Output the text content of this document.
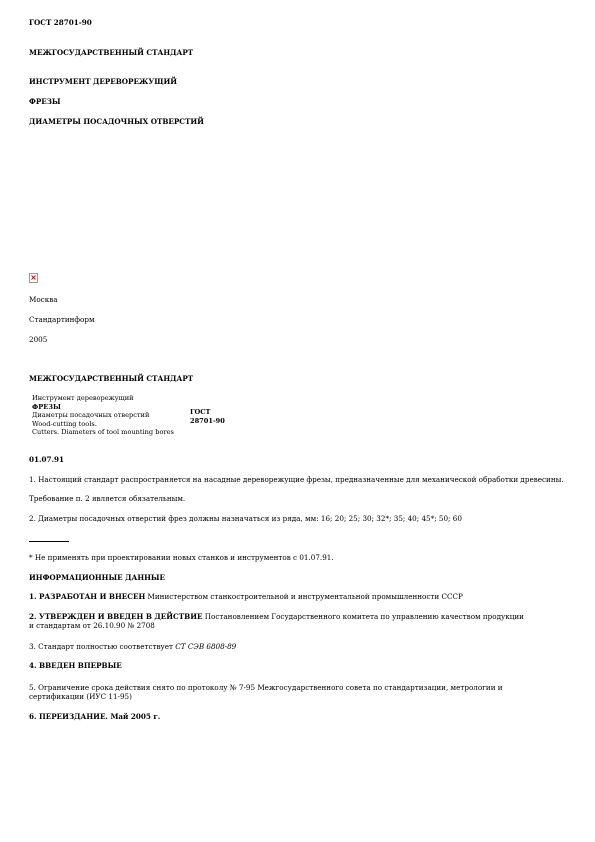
ГОСТ 28701-90
МЕЖГОСУДАРСТВЕННЫЙ СТАНДАРТ
ИНСТРУМЕНТ ДЕРЕВОРЕЖУЩИЙ
ФРЕЗЫ
ДИАМЕТРЫ ПОСАДОЧНЫХ ОТВЕРСТИЙ
Москва
Стандартинформ
2005
МЕЖГОСУДАРСТВЕННЫЙ СТАНДАРТ
Инструмент дереворежущий
ФРЕЗЫ
Диаметры посадочных отверстий
Wood-cutting tools.
Cutters. Diameters of tool mounting bores
ГОСТ
28701-90
01.07.91
1. Настоящий стандарт распространяется на насадные дереворежущие фрезы, предназначенные для механической обработки древесины.
Требование п. 2 является обязательным.
2. Диаметры посадочных отверстий фрез должны назначаться из ряда, мм: 16; 20; 25; 30; 32*; 35; 40; 45*; 50; 60
* Не применять при проектировании новых станков и инструментов с 01.07.91.
ИНФОРМАЦИОННЫЕ ДАННЫЕ
1. РАЗРАБОТАН И ВНЕСЕН Министерством станкостроительной и инструментальной промышленности СССР
2. УТВЕРЖДЕН И ВВЕДЕН В ДЕЙСТВИЕ Постановлением Государственного комитета по управлению качеством продукции
и стандартам от 26.10.90 № 2708
3. Стандарт полностью соответствует СТ СЭВ 6808-89
4. ВВЕДЕН ВПЕРВЫЕ
5. Ограничение срока действия снято по протоколу № 7-95 Межгосударственного совета по стандартизации, метрологии и
сертификации (ИУС 11-95)
6. ПЕРЕИЗДАНИЕ. Май 2005 г.
